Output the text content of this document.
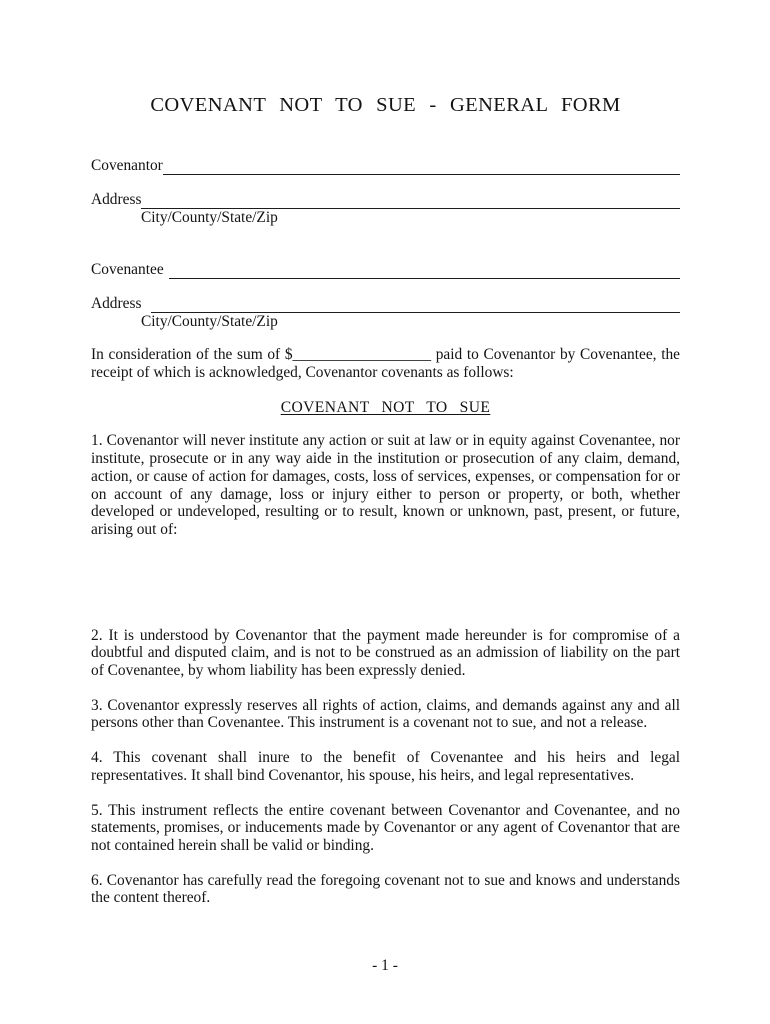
COVENANT NOT TO SUE - GENERAL FORM
Covenantor
Address
City/County/State/Zip
Covenantee
Address
City/County/State/Zip

In consideration of the sum of $__________________ paid to Covenantor by Covenantee, the receipt of which is acknowledged, Covenantor covenants as follows:

COVENANT NOT TO SUE

1. Covenantor will never institute any action or suit at law or in equity against Covenantee, nor institute, prosecute or in any way aide in the institution or prosecution of any claim, demand, action, or cause of action for damages, costs, loss of services, expenses, or compensation for or on account of any damage, loss or injury either to person or property, or both, whether developed or undeveloped, resulting or to result, known or unknown, past, present, or future, arising out of:

2. It is understood by Covenantor that the payment made hereunder is for compromise of a doubtful and disputed claim, and is not to be construed as an admission of liability on the part of Covenantee, by whom liability has been expressly denied.

3. Covenantor expressly reserves all rights of action, claims, and demands against any and all persons other than Covenantee. This instrument is a covenant not to sue, and not a release.

4. This covenant shall inure to the benefit of Covenantee and his heirs and legal representatives. It shall bind Covenantor, his spouse, his heirs, and legal representatives.

5. This instrument reflects the entire covenant between Covenantor and Covenantee, and no statements, promises, or inducements made by Covenantor or any agent of Covenantor that are not contained herein shall be valid or binding.

6. Covenantor has carefully read the foregoing covenant not to sue and knows and understands the content thereof.

- 1 -
